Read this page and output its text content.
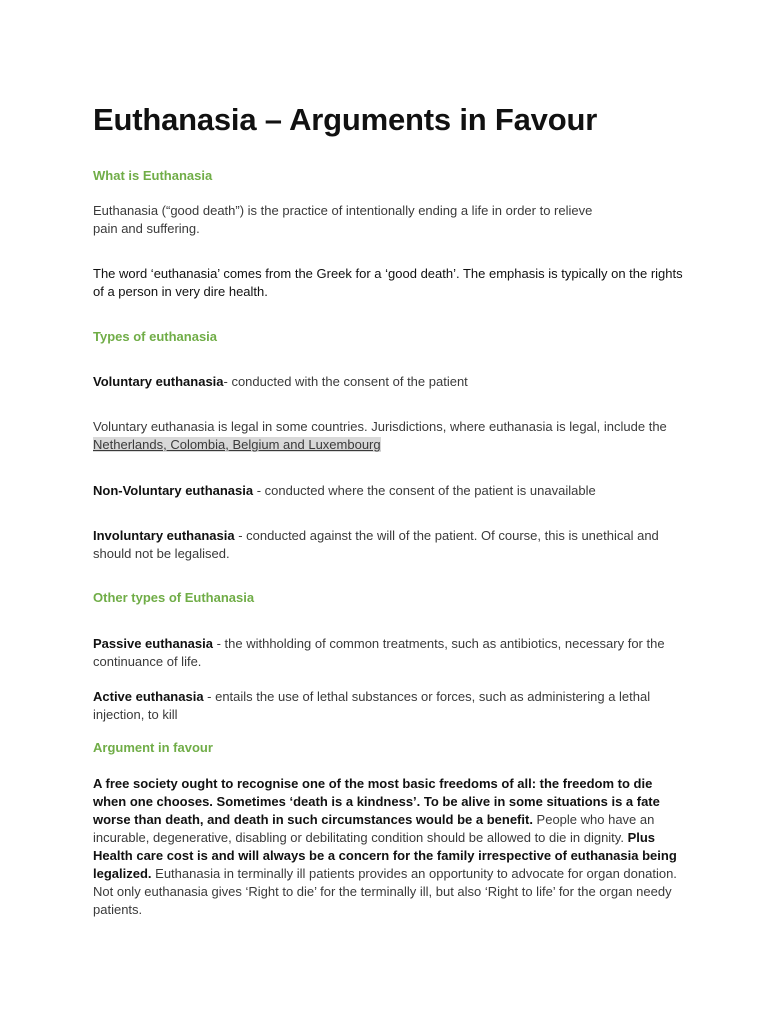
Euthanasia – Arguments in Favour
What is Euthanasia
Euthanasia (“good death”) is the practice of intentionally ending a life in order to relieve pain and suffering.
The word ‘euthanasia’ comes from the Greek for a ‘good death’. The emphasis is typically on the rights of a person in very dire health.
Types of euthanasia
Voluntary euthanasia- conducted with the consent of the patient
Voluntary euthanasia is legal in some countries. Jurisdictions, where euthanasia is legal, include the Netherlands, Colombia, Belgium and Luxembourg
Non-Voluntary euthanasia - conducted where the consent of the patient is unavailable
Involuntary euthanasia - conducted against the will of the patient. Of course, this is unethical and should not be legalised.
Other types of Euthanasia
Passive euthanasia - the withholding of common treatments, such as antibiotics, necessary for the continuance of life.
Active euthanasia - entails the use of lethal substances or forces, such as administering a lethal injection, to kill
Argument in favour
A free society ought to recognise one of the most basic freedoms of all: the freedom to die when one chooses. Sometimes ‘death is a kindness’. To be alive in some situations is a fate worse than death, and death in such circumstances would be a benefit. People who have an incurable, degenerative, disabling or debilitating condition should be allowed to die in dignity. Plus Health care cost is and will always be a concern for the family irrespective of euthanasia being legalized. Euthanasia in terminally ill patients provides an opportunity to advocate for organ donation. Not only euthanasia gives ‘Right to die’ for the terminally ill, but also ‘Right to life’ for the organ needy patients.
